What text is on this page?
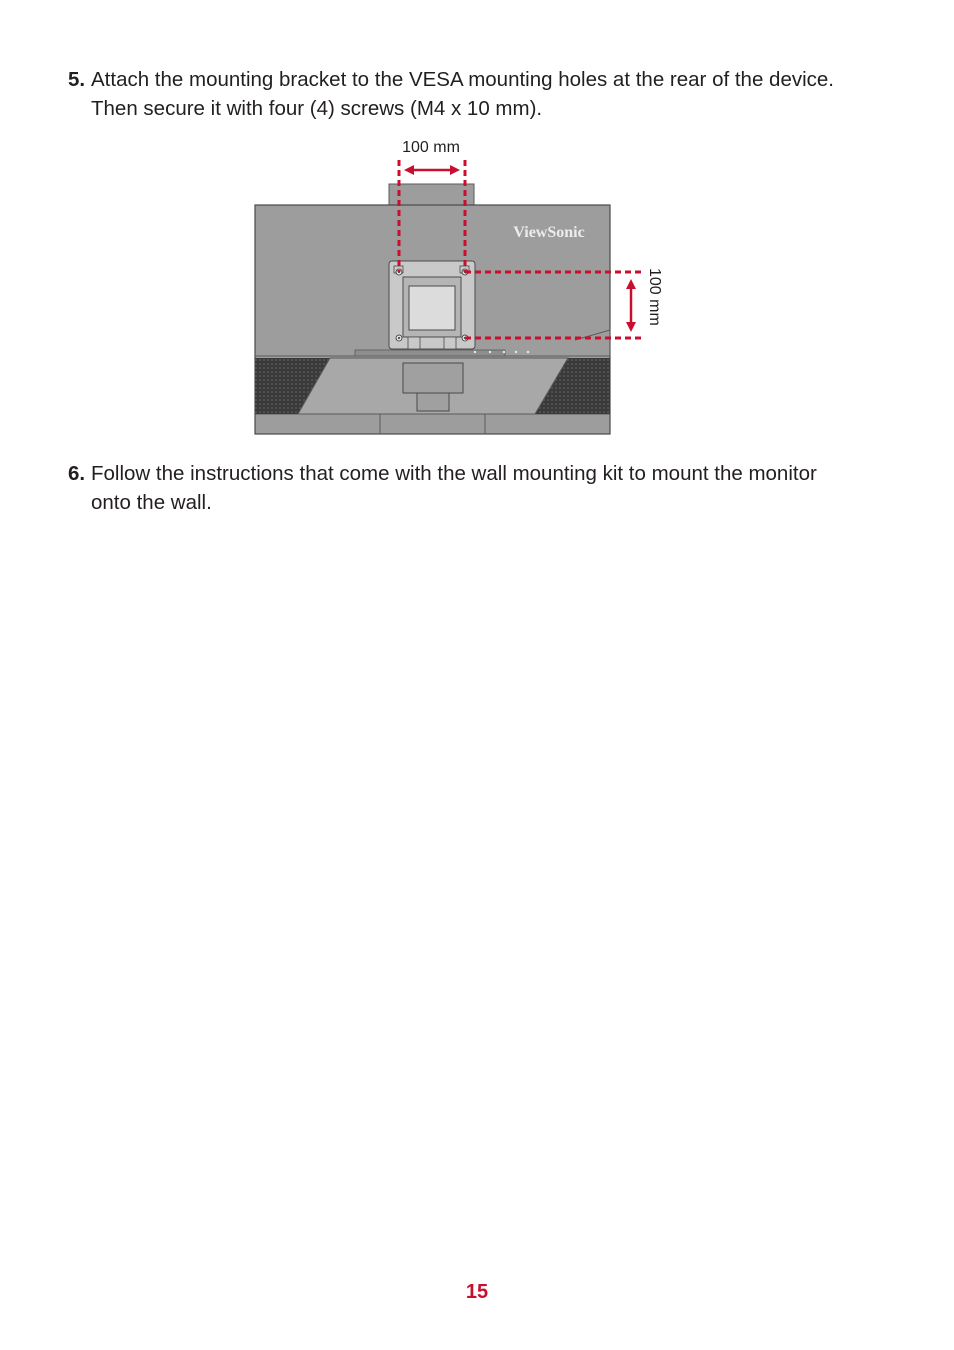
5. Attach the mounting bracket to the VESA mounting holes at the rear of the device. Then secure it with four (4) screws (M4 x 10 mm).
100 mm
100 mm
ViewSonic
6. Follow the instructions that come with the wall mounting kit to mount the monitor onto the wall.
15
